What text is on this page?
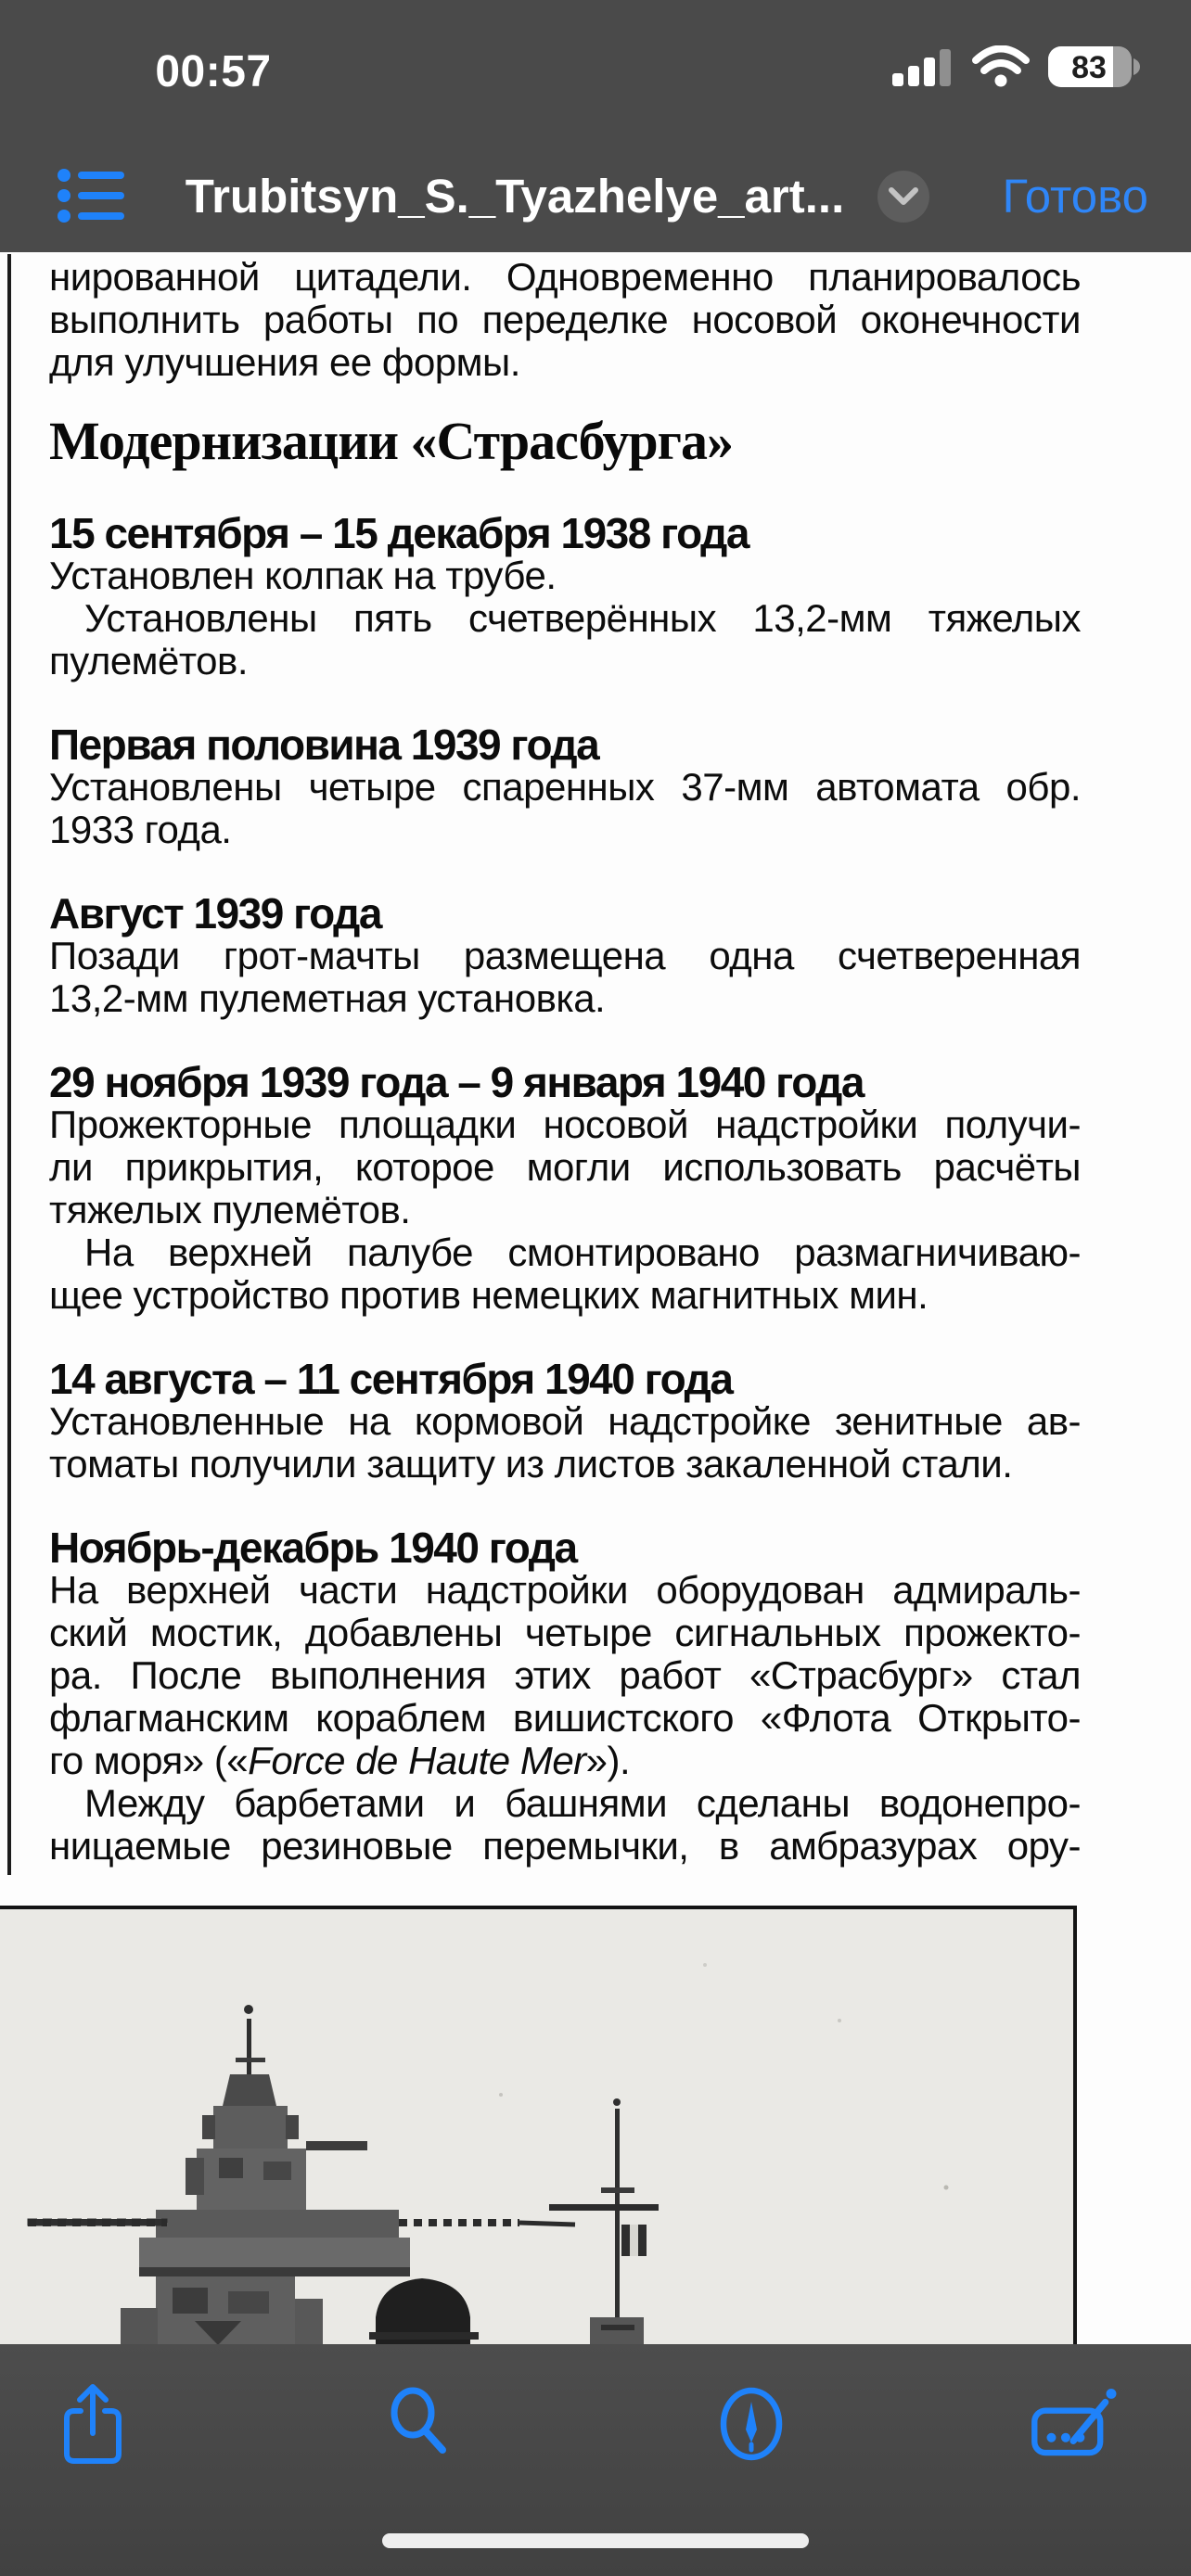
00:57	83
Trubitsyn_S._Tyazhelye_art...	Готово
нированной цитадели. Одновременно планировалось
выполнить работы по переделке носовой оконечности
для улучшения ее формы.
Модернизации «Страсбурга»
15 сентября – 15 декабря 1938 года
Установлен колпак на трубе.
Установлены пять счетверённых 13,2-мм тяжелых
пулемётов.
Первая половина 1939 года
Установлены четыре спаренных 37-мм автомата обр.
1933 года.
Август 1939 года
Позади грот-мачты размещена одна счетверенная
13,2-мм пулеметная установка.
29 ноября 1939 года – 9 января 1940 года
Прожекторные площадки носовой надстройки получи-
ли прикрытия, которое могли использовать расчёты
тяжелых пулемётов.
На верхней палубе смонтировано размагничиваю-
щее устройство против немецких магнитных мин.
14 августа – 11 сентября 1940 года
Установленные на кормовой надстройке зенитные ав-
томаты получили защиту из листов закаленной стали.
Ноябрь-декабрь 1940 года
На верхней части надстройки оборудован адмираль-
ский мостик, добавлены четыре сигнальных прожекто-
ра. После выполнения этих работ «Страсбург» стал
флагманским кораблем вишистского «Флота Открыто-
го моря» («Force de Haute Mer»).
Между барбетами и башнями сделаны водонепро-
ницаемые резиновые перемычки, в амбразурах ору-
